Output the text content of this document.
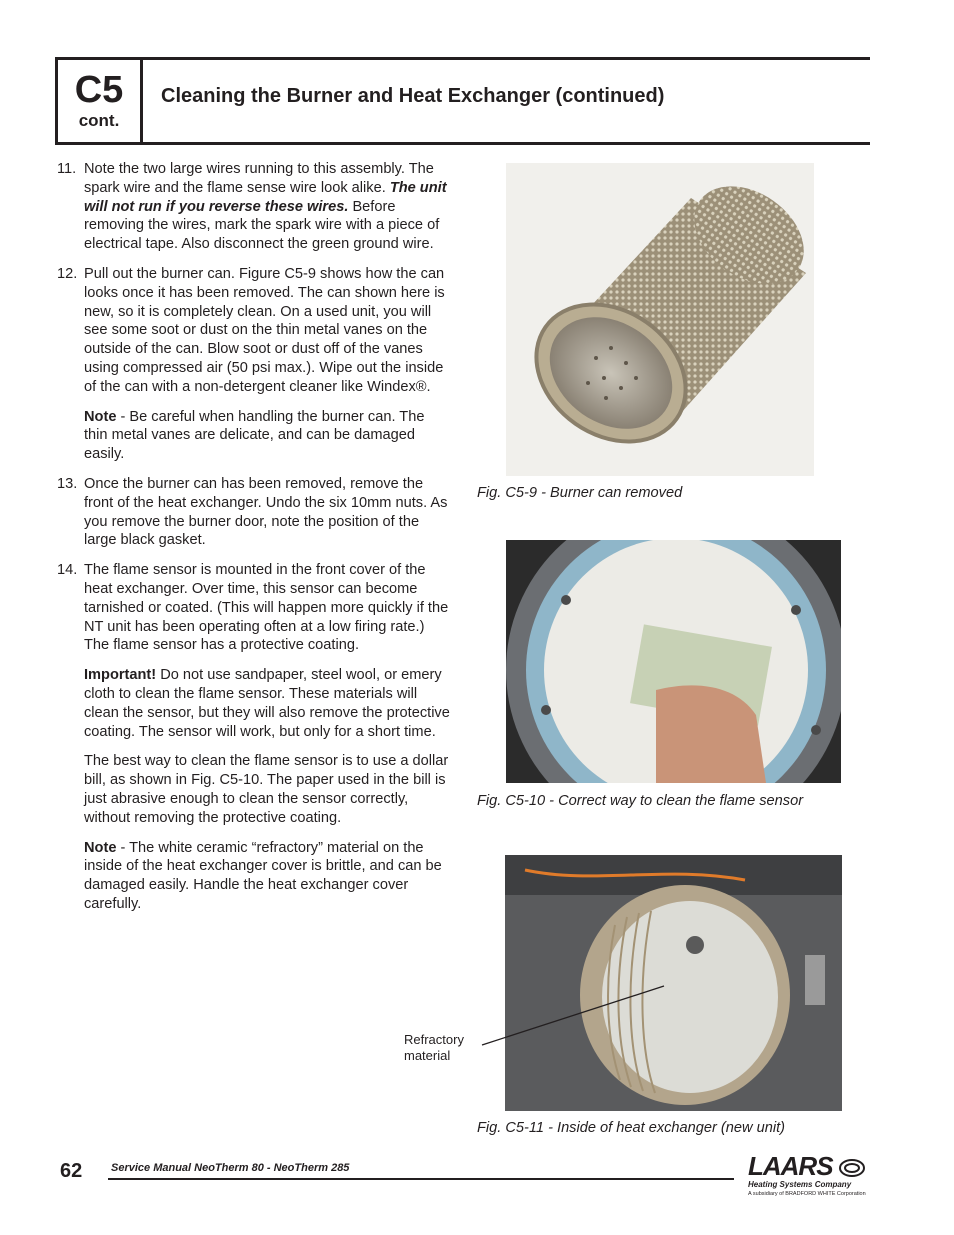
C5
cont.
Cleaning the Burner and Heat Exchanger (continued)
11. Note the two large wires running to this assembly. The spark wire and the flame sense wire look alike. The unit will not run if you reverse these wires. Before removing the wires, mark the spark wire with a piece of electrical tape. Also disconnect the green ground wire.

12. Pull out the burner can. Figure C5-9 shows how the can looks once it has been removed. The can shown here is new, so it is completely clean. On a used unit, you will see some soot or dust on the thin metal vanes on the outside of the can. Blow soot or dust off of the vanes using compressed air (50 psi max.). Wipe out the inside of the can with a non-detergent cleaner like Windex®.

Note - Be careful when handling the burner can. The thin metal vanes are delicate, and can be damaged easily.

13. Once the burner can has been removed, remove the front of the heat exchanger. Undo the six 10mm nuts. As you remove the burner door, note the position of the large black gasket.

14. The flame sensor is mounted in the front cover of the heat exchanger. Over time, this sensor can become tarnished or coated. (This will happen more quickly if the NT unit has been operating often at a low firing rate.) The flame sensor has a protective coating.

Important! Do not use sandpaper, steel wool, or emery cloth to clean the flame sensor. These materials will clean the sensor, but they will also remove the protective coating. The sensor will work, but only for a short time.

The best way to clean the flame sensor is to use a dollar bill, as shown in Fig. C5-10. The paper used in the bill is just abrasive enough to clean the sensor correctly, without removing the protective coating.

Note - The white ceramic “refractory” material on the inside of the heat exchanger cover is brittle, and can be damaged easily. Handle the heat exchanger cover carefully.

Fig. C5-9 - Burner can removed
Fig. C5-10 - Correct way to clean the flame sensor
Refractory
material
Fig. C5-11 - Inside of heat exchanger (new unit)
62	Service Manual NeoTherm 80 - NeoTherm 285	LAARS
Heating Systems Company
A subsidiary of BRADFORD WHITE Corporation
